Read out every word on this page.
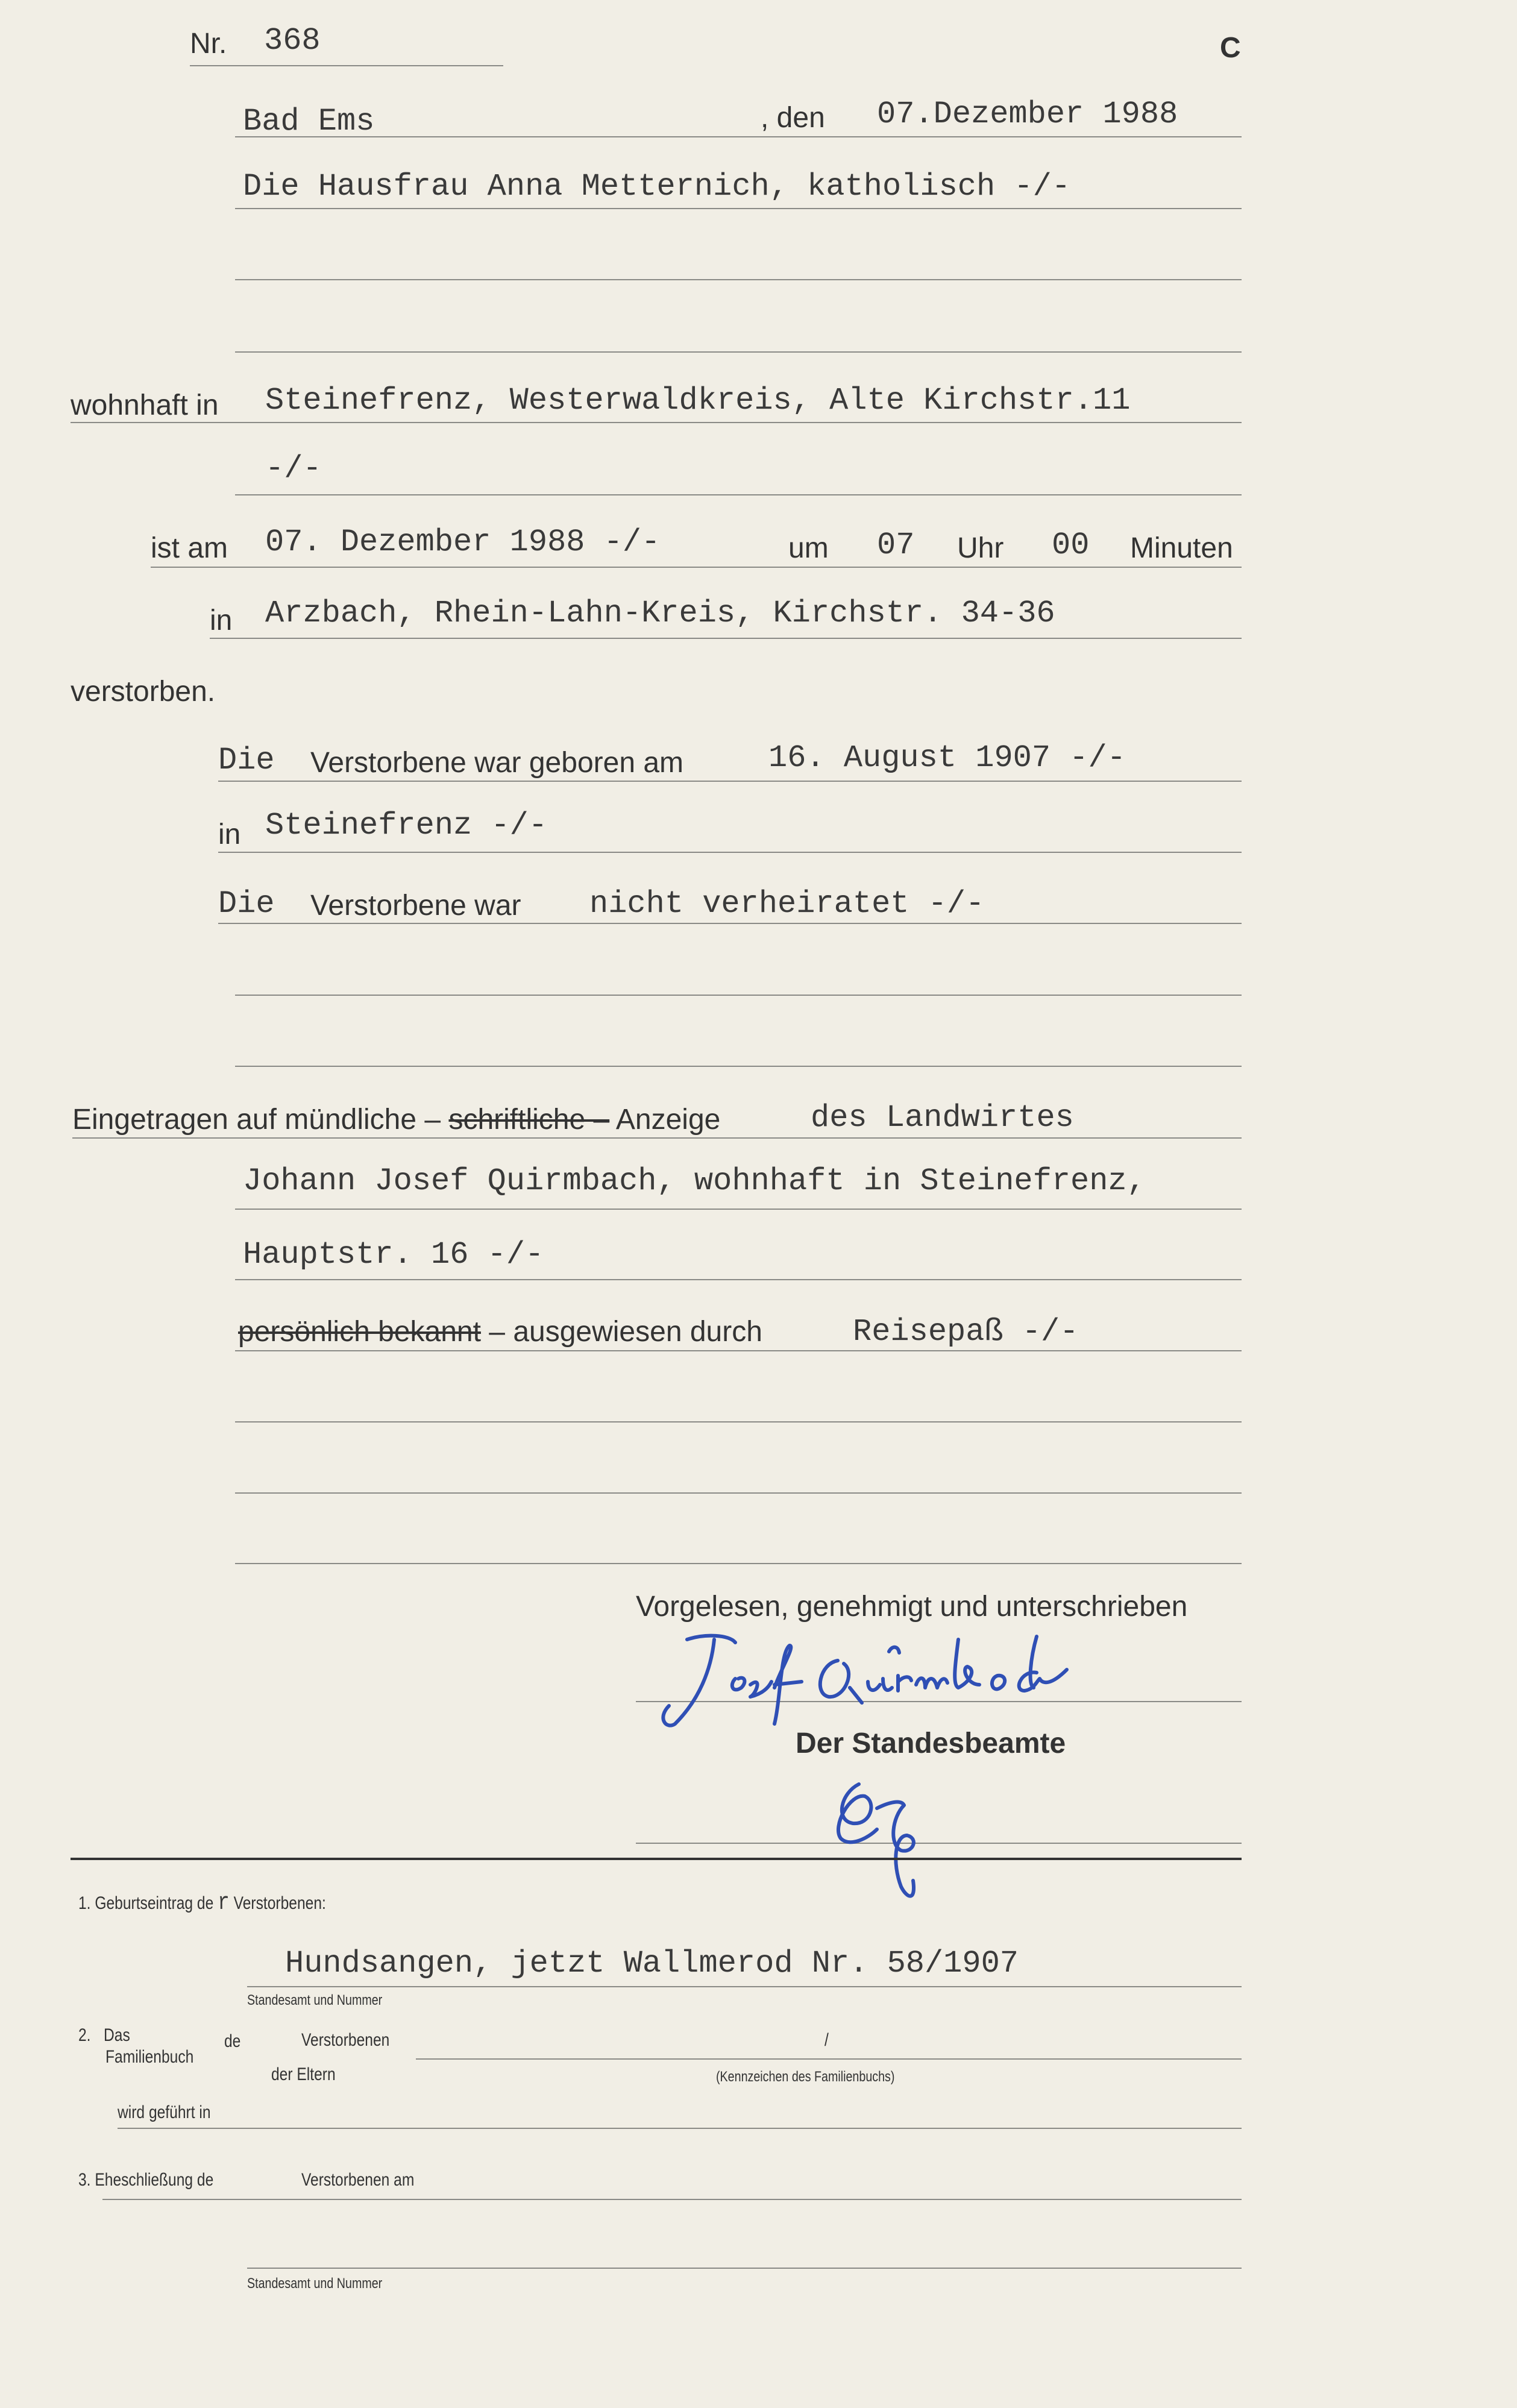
Nr. 368	C
Bad Ems	, den 07.Dezember 1988
Die Hausfrau Anna Metternich, katholisch -/-
wohnhaft in Steinefrenz, Westerwaldkreis, Alte Kirchstr.11
-/-
ist am 07. Dezember 1988 -/-	um 07 Uhr 00 Minuten
in Arzbach, Rhein-Lahn-Kreis, Kirchstr. 34-36
verstorben.
Die Verstorbene war geboren am	16. August 1907 -/-
in Steinefrenz -/-
Die Verstorbene war nicht verheiratet -/-
Eingetragen auf mündliche – schriftliche – Anzeige	des Landwirtes
Johann Josef Quirmbach, wohnhaft in Steinefrenz,
Hauptstr. 16 -/-
persönlich bekannt – ausgewiesen durch	Reisepaß -/-
Vorgelesen, genehmigt und unterschrieben
Der Standesbeamte
1. Geburtseintrag de r Verstorbenen:
Hundsangen, jetzt Wallmerod Nr. 58/1907
Standesamt und Nummer
2. Das
Familienbuch
de	Verstorbenen
der Eltern
/
(Kennzeichen des Familienbuchs)
wird geführt in
3. Eheschließung de	Verstorbenen am
Standesamt und Nummer
